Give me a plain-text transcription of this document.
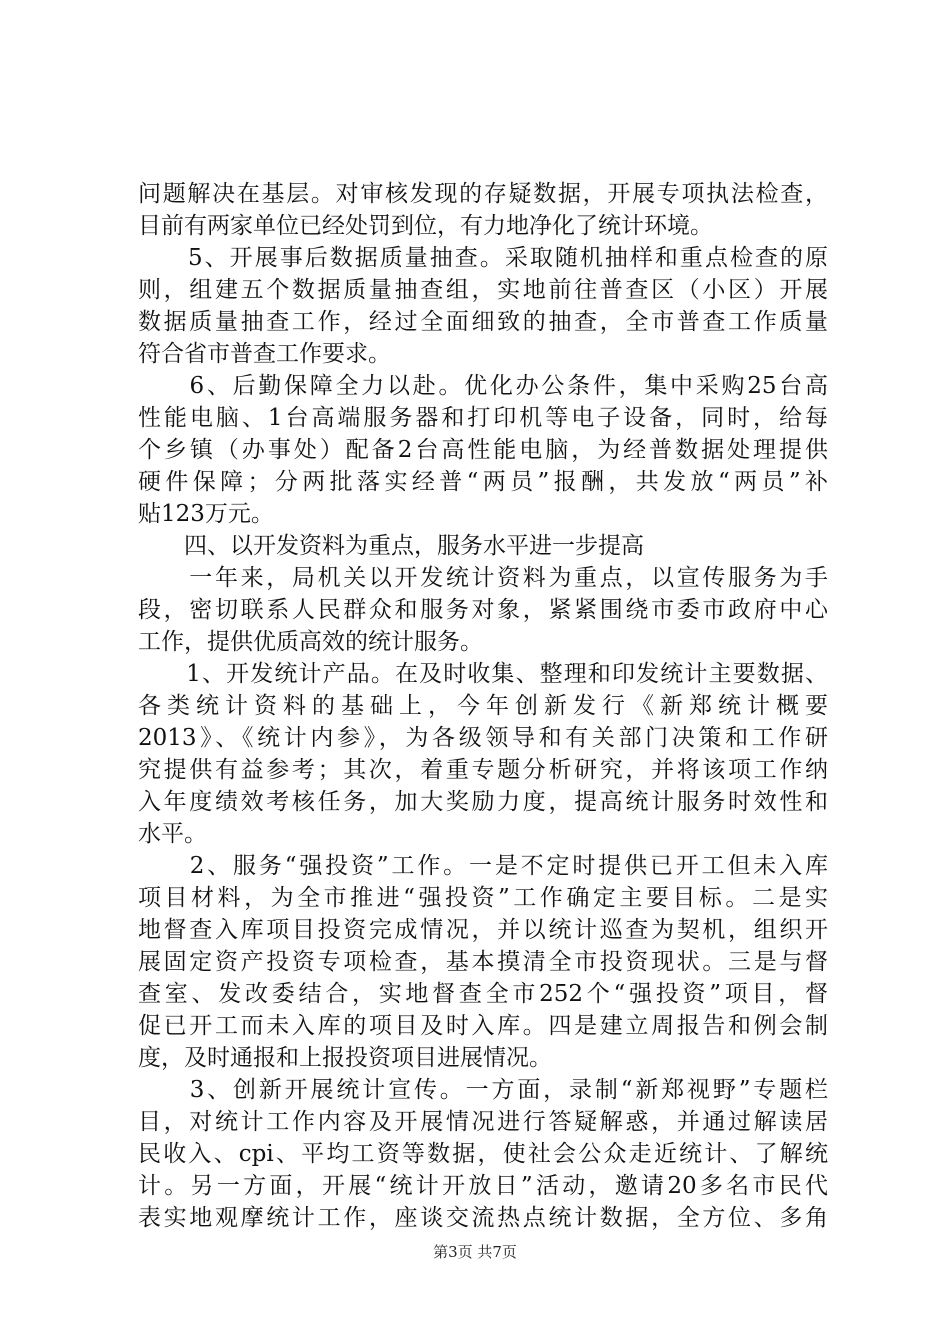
问题解决在基层。对审核发现的存疑数据，开展专项执法检查，
目前有两家单位已经处罚到位，有力地净化了统计环境。
　　5、开展事后数据质量抽查。采取随机抽样和重点检查的原
则，组建五个数据质量抽查组，实地前往普查区（小区）开展
数据质量抽查工作，经过全面细致的抽查，全市普查工作质量
符合省市普查工作要求。
　　6、后勤保障全力以赴。优化办公条件，集中采购25台高
性能电脑、1台高端服务器和打印机等电子设备，同时，给每
个乡镇（办事处）配备2台高性能电脑，为经普数据处理提供
硬件保障；分两批落实经普“两员”报酬，共发放“两员”补
贴123万元。
　　四、以开发资料为重点，服务水平进一步提高
　　一年来，局机关以开发统计资料为重点，以宣传服务为手
段，密切联系人民群众和服务对象，紧紧围绕市委市政府中心
工作，提供优质高效的统计服务。
　　1、开发统计产品。在及时收集、整理和印发统计主要数据、
各类统计资料的基础上，今年创新发行《新郑统计概要
2013》、《统计内参》，为各级领导和有关部门决策和工作研
究提供有益参考；其次，着重专题分析研究，并将该项工作纳
入年度绩效考核任务，加大奖励力度，提高统计服务时效性和
水平。
　　2、服务“强投资”工作。一是不定时提供已开工但未入库
项目材料，为全市推进“强投资”工作确定主要目标。二是实
地督查入库项目投资完成情况，并以统计巡查为契机，组织开
展固定资产投资专项检查，基本摸清全市投资现状。三是与督
查室、发改委结合，实地督查全市252个“强投资”项目，督
促已开工而未入库的项目及时入库。四是建立周报告和例会制
度，及时通报和上报投资项目进展情况。
　　3、创新开展统计宣传。一方面，录制“新郑视野”专题栏
目，对统计工作内容及开展情况进行答疑解惑，并通过解读居
民收入、cpi、平均工资等数据，使社会公众走近统计、了解统
计。另一方面，开展“统计开放日”活动，邀请20多名市民代
表实地观摩统计工作，座谈交流热点统计数据，全方位、多角
第3页 共7页
